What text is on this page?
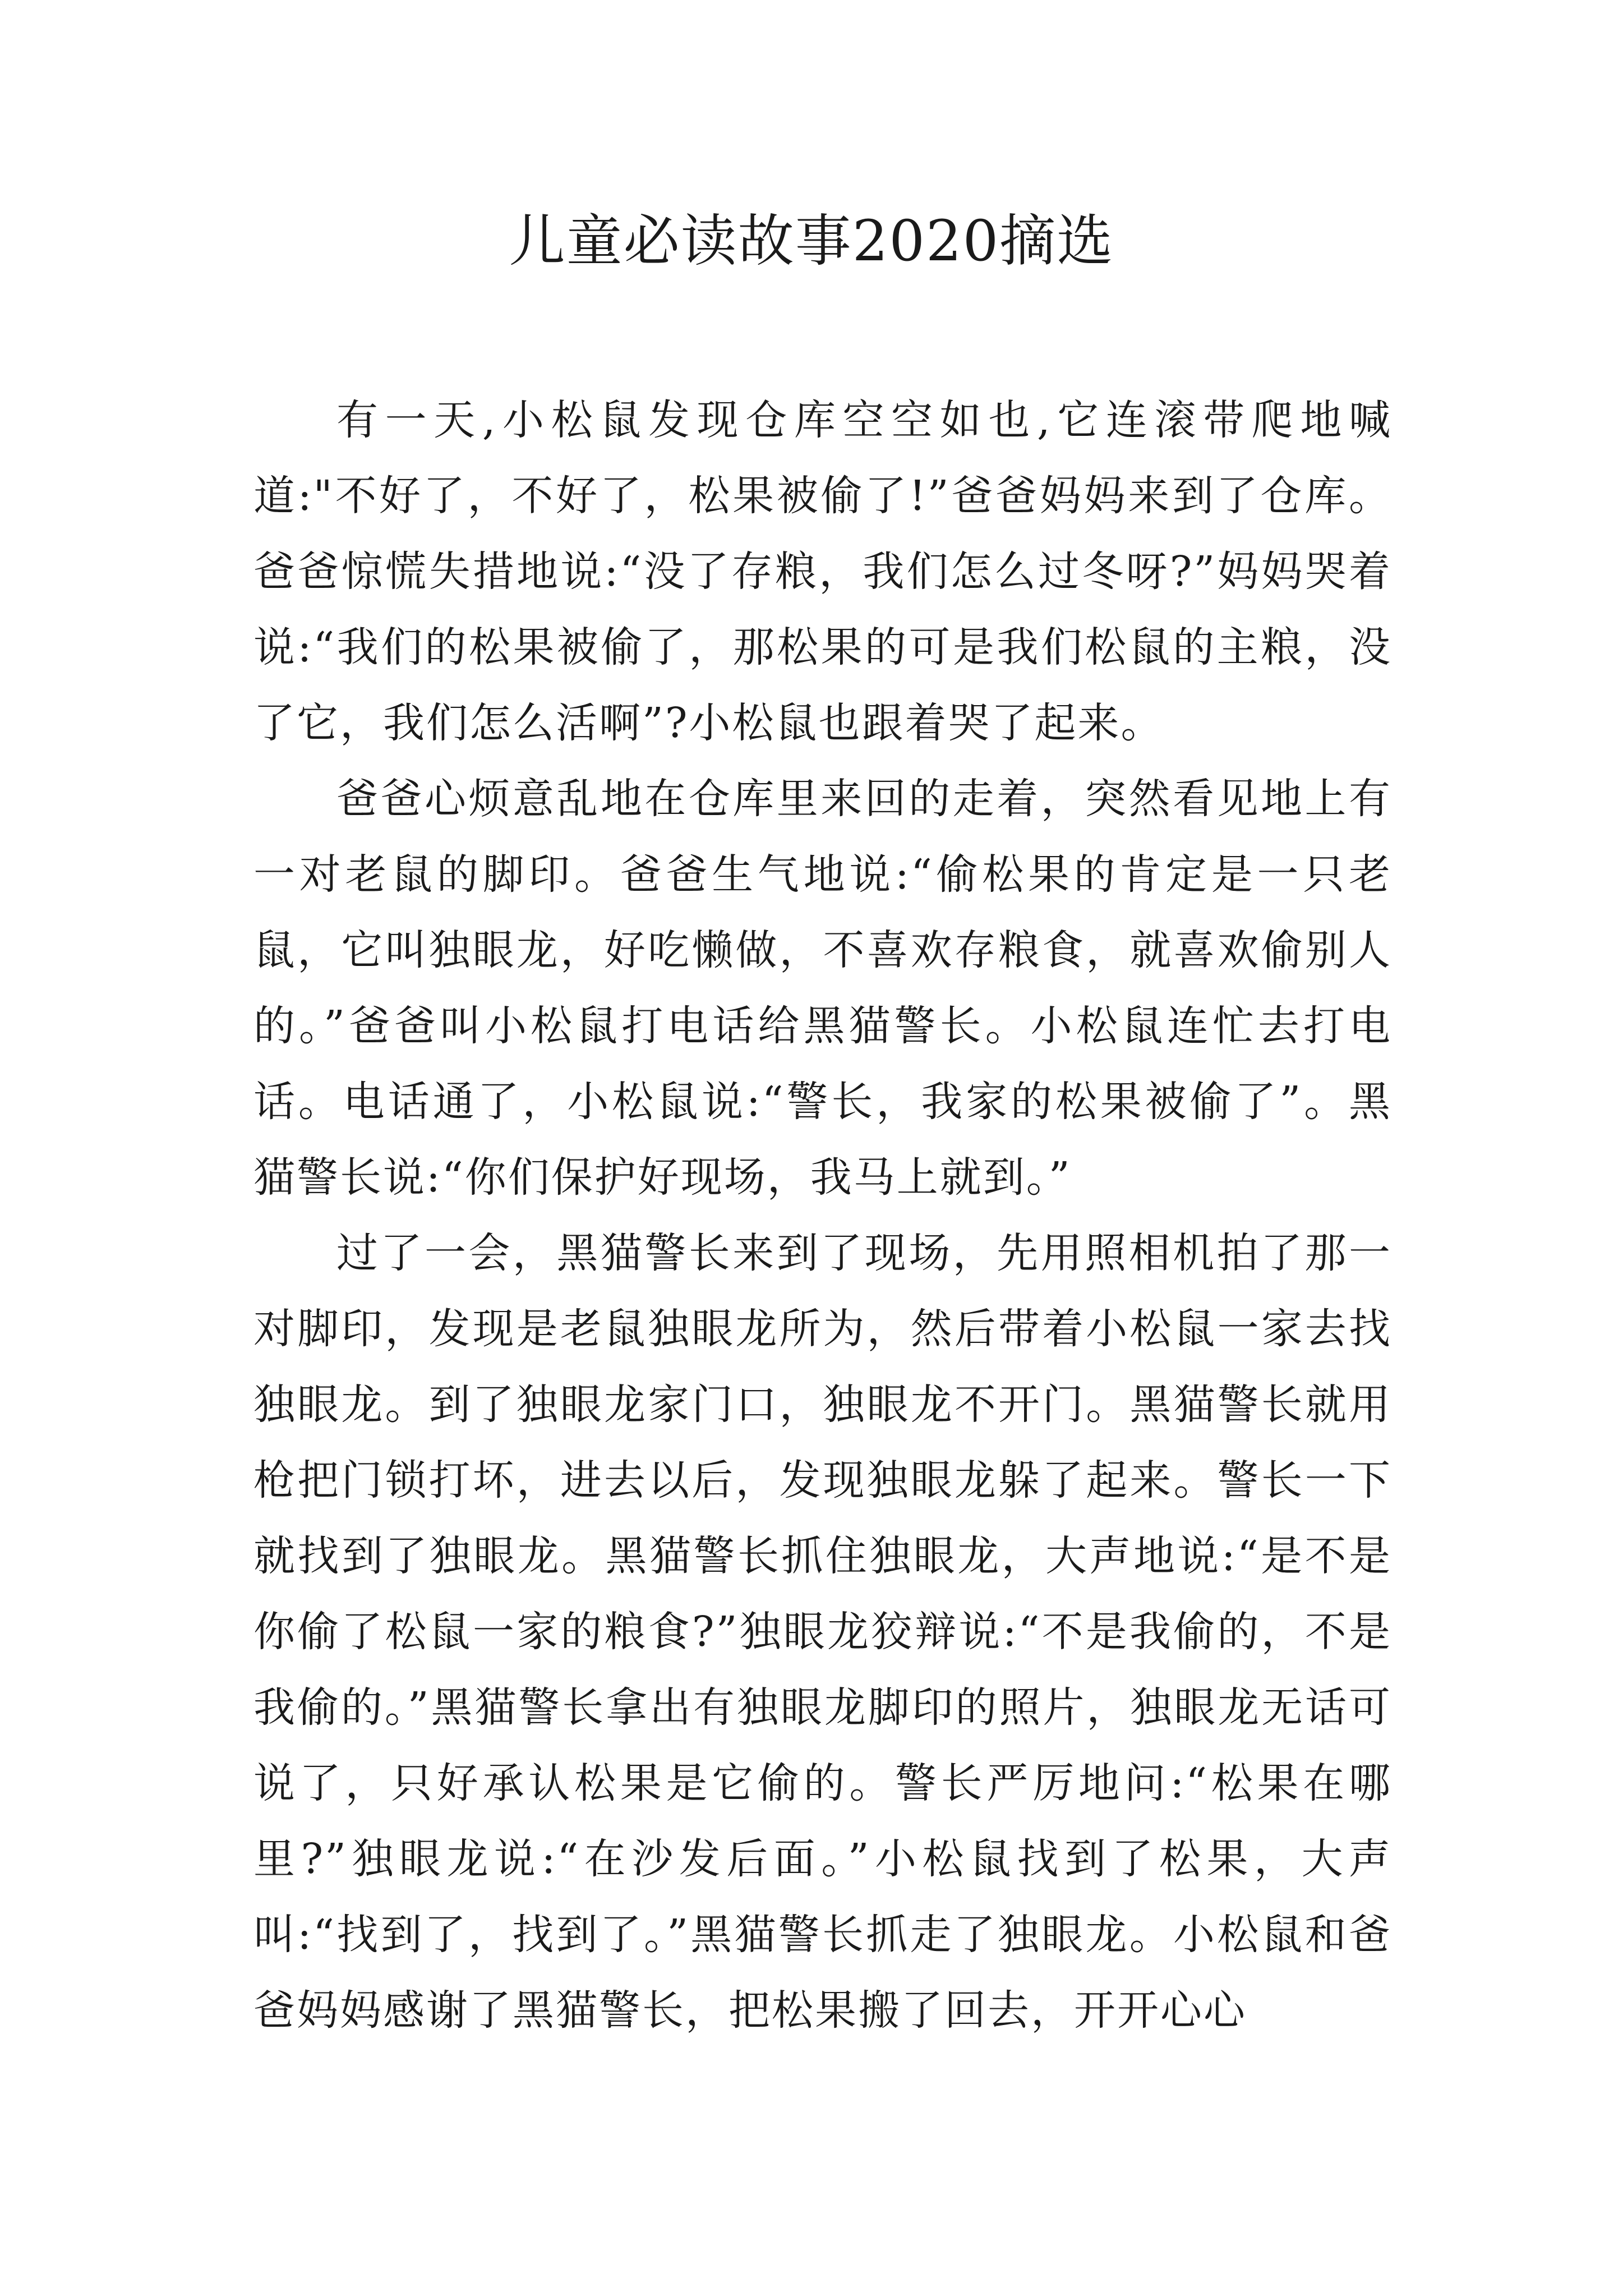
儿童必读故事2020摘选

有一天,小松鼠发现仓库空空如也,它连滚带爬地喊道:"不好了，不好了，松果被偷了!”爸爸妈妈来到了仓库。爸爸惊慌失措地说:“没了存粮，我们怎么过冬呀?”妈妈哭着说:“我们的松果被偷了，那松果的可是我们松鼠的主粮，没了它，我们怎么活啊”?小松鼠也跟着哭了起来。

爸爸心烦意乱地在仓库里来回的走着，突然看见地上有一对老鼠的脚印。爸爸生气地说:“偷松果的肯定是一只老鼠，它叫独眼龙，好吃懒做，不喜欢存粮食，就喜欢偷别人的。”爸爸叫小松鼠打电话给黑猫警长。小松鼠连忙去打电话。电话通了，小松鼠说:“警长，我家的松果被偷了”。黑猫警长说:“你们保护好现场，我马上就到。”

过了一会，黑猫警长来到了现场，先用照相机拍了那一对脚印，发现是老鼠独眼龙所为，然后带着小松鼠一家去找独眼龙。到了独眼龙家门口，独眼龙不开门。黑猫警长就用枪把门锁打坏，进去以后，发现独眼龙躲了起来。警长一下就找到了独眼龙。黑猫警长抓住独眼龙，大声地说:“是不是你偷了松鼠一家的粮食?”独眼龙狡辩说:“不是我偷的，不是我偷的。”黑猫警长拿出有独眼龙脚印的照片，独眼龙无话可说了，只好承认松果是它偷的。警长严厉地问:“松果在哪里?”独眼龙说:“在沙发后面。”小松鼠找到了松果，大声叫:“找到了，找到了。”黑猫警长抓走了独眼龙。小松鼠和爸爸妈妈感谢了黑猫警长，把松果搬了回去，开开心心
